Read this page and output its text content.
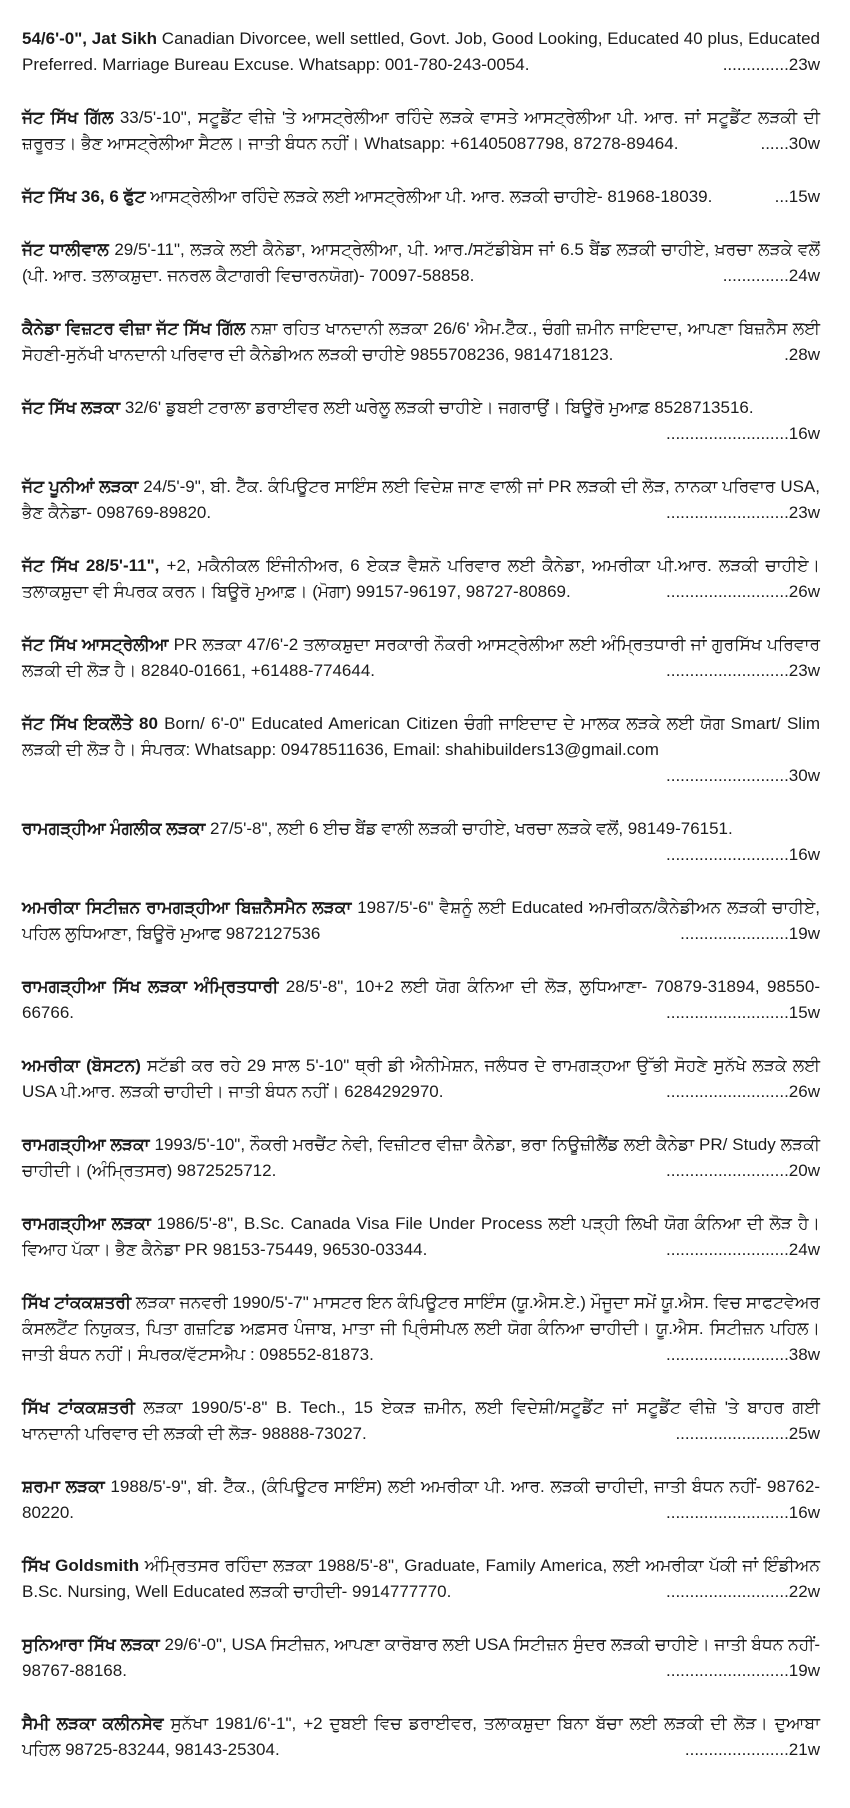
54/6'-0", Jat Sikh Canadian Divorcee, well settled, Govt. Job, Good Looking, Educated 40 plus, Educated Preferred. Marriage Bureau Excuse. Whatsapp: 001-780-243-0054.	..............23w

ਜੱਟ ਸਿੱਖ ਗਿੱਲ 33/5'-10", ਸਟੂਡੈਂਟ ਵੀਜ਼ੇ 'ਤੇ ਆਸਟ੍ਰੇਲੀਆ ਰਹਿੰਦੇ ਲੜਕੇ ਵਾਸਤੇ ਆਸਟ੍ਰੇਲੀਆ ਪੀ. ਆਰ. ਜਾਂ ਸਟੂਡੈਂਟ ਲੜਕੀ ਦੀ ਜ਼ਰੂਰਤ। ਭੈਣ ਆਸਟ੍ਰੇਲੀਆ ਸੈਟਲ। ਜਾਤੀ ਬੰਧਨ ਨਹੀਂ। Whatsapp: +61405087798, 87278-89464.	......30w

ਜੱਟ ਸਿੱਖ 36, 6 ਫੁੱਟ ਆਸਟ੍ਰੇਲੀਆ ਰਹਿੰਦੇ ਲੜਕੇ ਲਈ ਆਸਟ੍ਰੇਲੀਆ ਪੀ. ਆਰ. ਲੜਕੀ ਚਾਹੀਏ- 81968-18039.	...15w

ਜੱਟ ਧਾਲੀਵਾਲ 29/5'-11", ਲੜਕੇ ਲਈ ਕੈਨੇਡਾ, ਆਸਟ੍ਰੇਲੀਆ, ਪੀ. ਆਰ./ਸਟੱਡੀਬੇਸ ਜਾਂ 6.5 ਬੈਂਡ ਲੜਕੀ ਚਾਹੀਏ, ਖ਼ਰਚਾ ਲੜਕੇ ਵਲੋਂ (ਪੀ. ਆਰ. ਤਲਾਕਸ਼ੁਦਾ. ਜਨਰਲ ਕੈਟਾਗਰੀ ਵਿਚਾਰਨਯੋਗ)- 70097-58858.	..............24w

ਕੈਨੇਡਾ ਵਿਜ਼ਟਰ ਵੀਜ਼ਾ ਜੱਟ ਸਿੱਖ ਗਿੱਲ ਨਸ਼ਾ ਰਹਿਤ ਖਾਨਦਾਨੀ ਲੜਕਾ 26/6' ਐਮ.ਟੈੱਕ., ਚੰਗੀ ਜ਼ਮੀਨ ਜਾਇਦਾਦ, ਆਪਣਾ ਬਿਜ਼ਨੈਸ ਲਈ ਸੋਹਣੀ-ਸੁਨੱਖੀ ਖਾਨਦਾਨੀ ਪਰਿਵਾਰ ਦੀ ਕੈਨੇਡੀਅਨ ਲੜਕੀ ਚਾਹੀਏ 9855708236, 9814718123.	.28w

ਜੱਟ ਸਿੱਖ ਲੜਕਾ 32/6' ਡੁਬਈ ਟਰਾਲਾ ਡਰਾਈਵਰ ਲਈ ਘਰੇਲੂ ਲੜਕੀ ਚਾਹੀਏ। ਜਗਰਾਉਂ। ਬਿਊਰੋ ਮੁਆਫ਼ 8528713516.
..........................16w

ਜੱਟ ਪੂਨੀਆਂ ਲੜਕਾ 24/5'-9", ਬੀ. ਟੈੱਕ. ਕੰਪਿਊਟਰ ਸਾਇੰਸ ਲਈ ਵਿਦੇਸ਼ ਜਾਣ ਵਾਲੀ ਜਾਂ PR ਲੜਕੀ ਦੀ ਲੋੜ, ਨਾਨਕਾ ਪਰਿਵਾਰ USA, ਭੈਣ ਕੈਨੇਡਾ- 098769-89820.	..........................23w

ਜੱਟ ਸਿੱਖ 28/5'-11", +2, ਮਕੈਨੀਕਲ ਇੰਜੀਨੀਅਰ, 6 ਏਕੜ ਵੈਸ਼ਨੋ ਪਰਿਵਾਰ ਲਈ ਕੈਨੇਡਾ, ਅਮਰੀਕਾ ਪੀ.ਆਰ. ਲੜਕੀ ਚਾਹੀਏ। ਤਲਾਕਸ਼ੁਦਾ ਵੀ ਸੰਪਰਕ ਕਰਨ। ਬਿਊਰੋ ਮੁਆਫ਼। (ਮੋਗਾ) 99157-96197, 98727-80869.	..........................26w

ਜੱਟ ਸਿੱਖ ਆਸਟ੍ਰੇਲੀਆ PR ਲੜਕਾ 47/6'-2 ਤਲਾਕਸ਼ੁਦਾ ਸਰਕਾਰੀ ਨੌਕਰੀ ਆਸਟ੍ਰੇਲੀਆ ਲਈ ਅੰਮ੍ਰਿਤਧਾਰੀ ਜਾਂ ਗੁਰਸਿੱਖ ਪਰਿਵਾਰ ਲੜਕੀ ਦੀ ਲੋੜ ਹੈ। 82840-01661, +61488-774644.	..........................23w

ਜੱਟ ਸਿੱਖ ਇਕਲੌਤੇ 80 Born/ 6'-0" Educated American Citizen ਚੰਗੀ ਜਾਇਦਾਦ ਦੇ ਮਾਲਕ ਲੜਕੇ ਲਈ ਯੋਗ Smart/ Slim ਲੜਕੀ ਦੀ ਲੋੜ ਹੈ। ਸੰਪਰਕ: Whatsapp: 09478511636, Email: shahibuilders13@gmail.com
..........................30w

ਰਾਮਗੜ੍ਹੀਆ ਮੰਗਲੀਕ ਲੜਕਾ 27/5'-8", ਲਈ 6 ਈਚ ਬੈਂਡ ਵਾਲੀ ਲੜਕੀ ਚਾਹੀਏ, ਖਰਚਾ ਲੜਕੇ ਵਲੋਂ, 98149-76151.
..........................16w

ਅਮਰੀਕਾ ਸਿਟੀਜ਼ਨ ਰਾਮਗੜ੍ਹੀਆ ਬਿਜ਼ਨੈਸਮੈਨ ਲੜਕਾ 1987/5'-6" ਵੈਸ਼ਨੂੰ ਲਈ Educated ਅਮਰੀਕਨ/ਕੈਨੇਡੀਅਨ ਲੜਕੀ ਚਾਹੀਏ, ਪਹਿਲ ਲੁਧਿਆਣਾ, ਬਿਊਰੋ ਮੁਆਫ 9872127536	.......................19w

ਰਾਮਗੜ੍ਹੀਆ ਸਿੱਖ ਲੜਕਾ ਅੰਮ੍ਰਿਤਧਾਰੀ 28/5'-8", 10+2 ਲਈ ਯੋਗ ਕੰਨਿਆ ਦੀ ਲੋੜ, ਲੁਧਿਆਣਾ- 70879-31894, 98550-66766.	..........................15w

ਅਮਰੀਕਾ (ਬੋਸਟਨ) ਸਟੱਡੀ ਕਰ ਰਹੇ 29 ਸਾਲ 5'-10" ਥ੍ਰੀ ਡੀ ਐਨੀਮੇਸ਼ਨ, ਜਲੰਧਰ ਦੇ ਰਾਮਗੜ੍ਹਆ ਉੱਭੀ ਸੋਹਣੇ ਸੁਨੱਖੇ ਲੜਕੇ ਲਈ USA ਪੀ.ਆਰ. ਲੜਕੀ ਚਾਹੀਦੀ। ਜਾਤੀ ਬੰਧਨ ਨਹੀਂ। 6284292970.	..........................26w

ਰਾਮਗੜ੍ਹੀਆ ਲੜਕਾ 1993/5'-10", ਨੌਕਰੀ ਮਰਚੈਂਟ ਨੇਵੀ, ਵਿਜ਼ੀਟਰ ਵੀਜ਼ਾ ਕੈਨੇਡਾ, ਭਰਾ ਨਿਊਜ਼ੀਲੈਂਡ ਲਈ ਕੈਨੇਡਾ PR/ Study ਲੜਕੀ ਚਾਹੀਦੀ। (ਅੰਮ੍ਰਿਤਸਰ) 9872525712.	..........................20w

ਰਾਮਗੜ੍ਹੀਆ ਲੜਕਾ 1986/5'-8", B.Sc. Canada Visa File Under Process ਲਈ ਪੜ੍ਹੀ ਲਿਖੀ ਯੋਗ ਕੰਨਿਆ ਦੀ ਲੋੜ ਹੈ। ਵਿਆਹ ਪੱਕਾ। ਭੈਣ ਕੈਨੇਡਾ PR 98153-75449, 96530-03344.	..........................24w

ਸਿੱਖ ਟਾਂਕਕਸ਼ਤਰੀ ਲੜਕਾ ਜਨਵਰੀ 1990/5'-7" ਮਾਸਟਰ ਇਨ ਕੰਪਿਊਟਰ ਸਾਇੰਸ (ਯੂ.ਐਸ.ਏ.) ਮੌਜੂਦਾ ਸਮੇਂ ਯੂ.ਐਸ. ਵਿਚ ਸਾਫਟਵੇਅਰ ਕੰਸਲਟੈਂਟ ਨਿਯੁਕਤ, ਪਿਤਾ ਗਜ਼ਟਿਡ ਅਫ਼ਸਰ ਪੰਜਾਬ, ਮਾਤਾ ਜੀ ਪ੍ਰਿੰਸੀਪਲ ਲਈ ਯੋਗ ਕੰਨਿਆ ਚਾਹੀਦੀ। ਯੂ.ਐਸ. ਸਿਟੀਜ਼ਨ ਪਹਿਲ। ਜਾਤੀ ਬੰਧਨ ਨਹੀਂ। ਸੰਪਰਕ/ਵੱਟਸਐਪ : 098552-81873.	..........................38w

ਸਿੱਖ ਟਾਂਕਕਸ਼ਤਰੀ ਲੜਕਾ 1990/5'-8" B. Tech., 15 ਏਕੜ ਜ਼ਮੀਨ, ਲਈ ਵਿਦੇਸ਼ੀ/ਸਟੂਡੈਂਟ ਜਾਂ ਸਟੂਡੈਂਟ ਵੀਜ਼ੇ 'ਤੇ ਬਾਹਰ ਗਈ ਖਾਨਦਾਨੀ ਪਰਿਵਾਰ ਦੀ ਲੜਕੀ ਦੀ ਲੋੜ- 98888-73027.	........................25w

ਸ਼ਰਮਾ ਲੜਕਾ 1988/5'-9", ਬੀ. ਟੈੱਕ., (ਕੰਪਿਊਟਰ ਸਾਇੰਸ) ਲਈ ਅਮਰੀਕਾ ਪੀ. ਆਰ. ਲੜਕੀ ਚਾਹੀਦੀ, ਜਾਤੀ ਬੰਧਨ ਨਹੀਂ- 98762-80220.	..........................16w

ਸਿੱਖ Goldsmith ਅੰਮ੍ਰਿਤਸਰ ਰਹਿੰਦਾ ਲੜਕਾ 1988/5'-8", Graduate, Family America, ਲਈ ਅਮਰੀਕਾ ਪੱਕੀ ਜਾਂ ਇੰਡੀਅਨ B.Sc. Nursing, Well Educated ਲੜਕੀ ਚਾਹੀਦੀ- 9914777770.	..........................22w

ਸੁਨਿਆਰਾ ਸਿੱਖ ਲੜਕਾ 29/6'-0", USA ਸਿਟੀਜ਼ਨ, ਆਪਣਾ ਕਾਰੋਬਾਰ ਲਈ USA ਸਿਟੀਜ਼ਨ ਸੁੰਦਰ ਲੜਕੀ ਚਾਹੀਏ। ਜਾਤੀ ਬੰਧਨ ਨਹੀਂ- 98767-88168.	..........................19w

ਸੈਮੀ ਲੜਕਾ ਕਲੀਨਸੇਵ ਸੁਨੱਖਾ 1981/6'-1", +2 ਦੁਬਈ ਵਿਚ ਡਰਾਈਵਰ, ਤਲਾਕਸ਼ੁਦਾ ਬਿਨਾ ਬੱਚਾ ਲਈ ਲੜਕੀ ਦੀ ਲੋੜ। ਦੁਆਬਾ ਪਹਿਲ 98725-83244, 98143-25304.	......................21w
